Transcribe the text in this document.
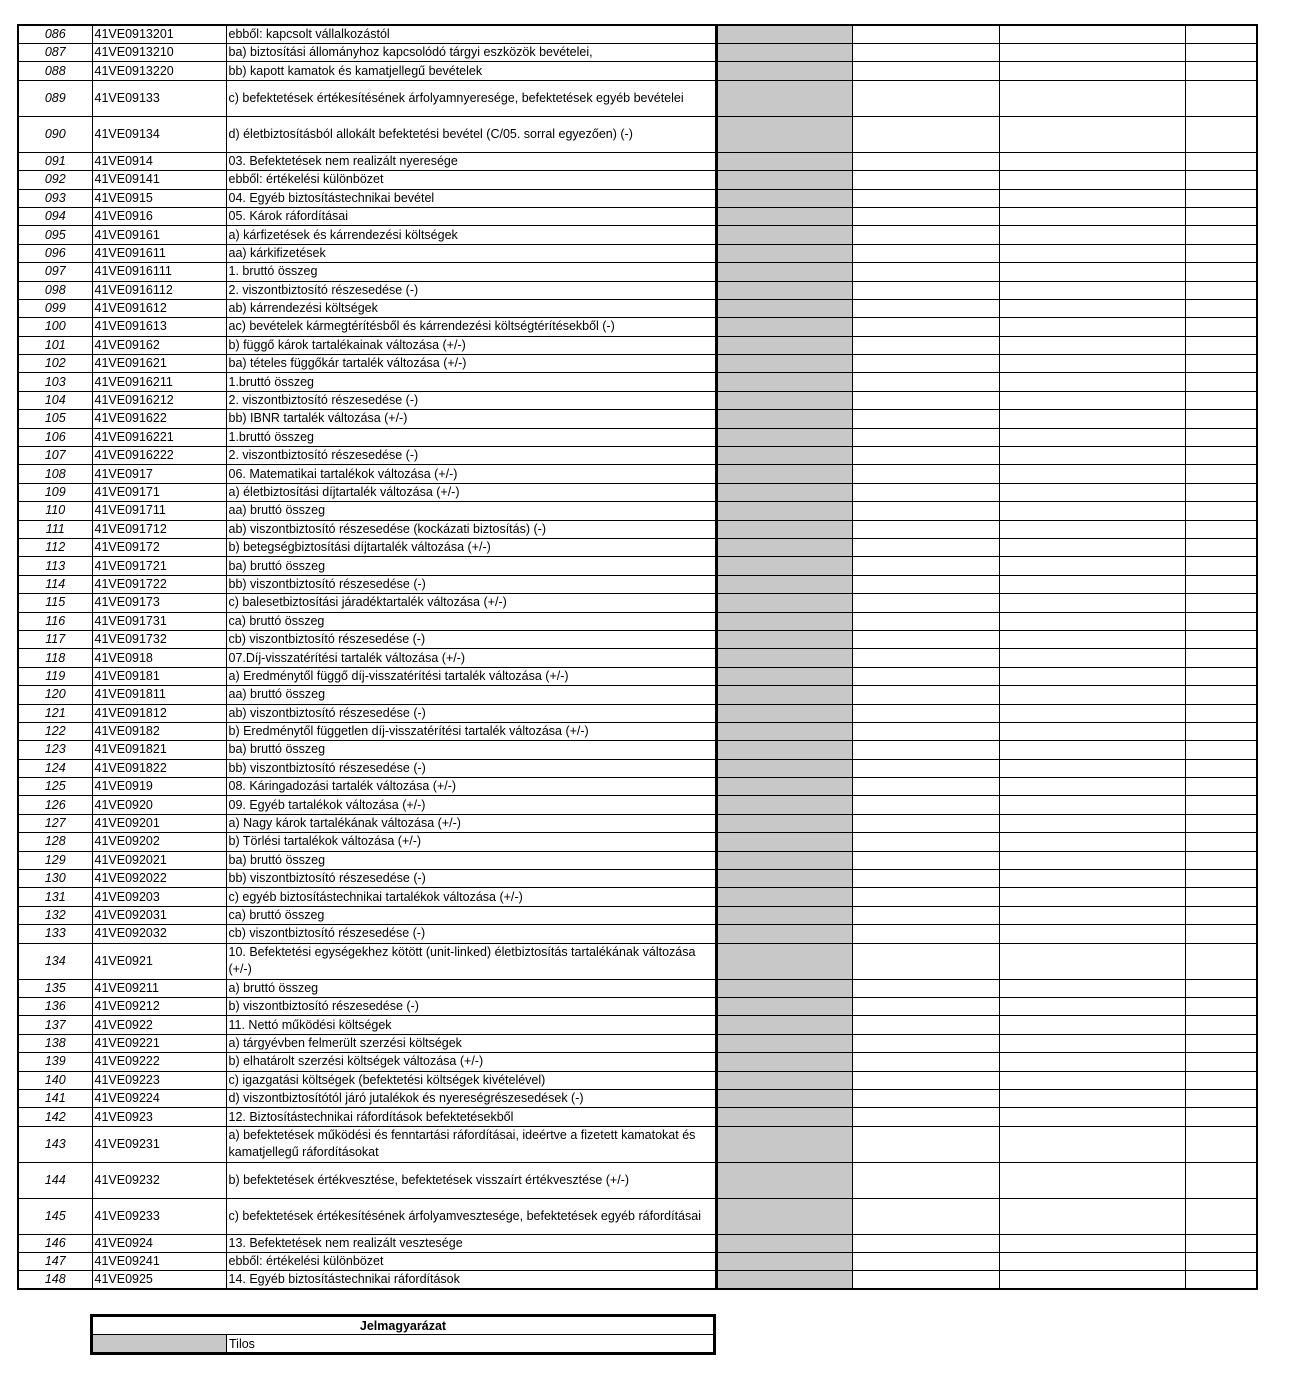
086	41VE0913201	ebből: kapcsolt vállalkozástól				
087	41VE0913210	ba) biztosítási állományhoz kapcsolódó tárgyi eszközök bevételei,				
088	41VE0913220	bb) kapott kamatok és kamatjellegű bevételek				
089	41VE09133	c) befektetések értékesítésének árfolyamnyeresége, befektetések egyéb bevételei				
090	41VE09134	d) életbiztosításból allokált befektetési bevétel (C/05. sorral egyezően) (-)				
091	41VE0914	03. Befektetések nem realizált nyeresége				
092	41VE09141	ebből: értékelési különbözet				
093	41VE0915	04. Egyéb biztosítástechnikai bevétel				
094	41VE0916	05. Károk ráfordításai				
095	41VE09161	a) kárfizetések és kárrendezési költségek				
096	41VE091611	aa) kárkifizetések				
097	41VE0916111	1. bruttó összeg				
098	41VE0916112	2. viszontbiztosító részesedése (-)				
099	41VE091612	ab) kárrendezési költségek				
100	41VE091613	ac) bevételek kármegtérítésből és kárrendezési költségtérítésekből (-)				
101	41VE09162	b) függő károk tartalékainak változása (+/-)				
102	41VE091621	ba) tételes függőkár tartalék változása (+/-)				
103	41VE0916211	1.bruttó összeg				
104	41VE0916212	2. viszontbiztosító részesedése (-)				
105	41VE091622	bb) IBNR tartalék változása (+/-)				
106	41VE0916221	1.bruttó összeg				
107	41VE0916222	2. viszontbiztosító részesedése (-)				
108	41VE0917	06. Matematikai tartalékok változása (+/-)				
109	41VE09171	a) életbiztosítási díjtartalék változása (+/-)				
110	41VE091711	aa) bruttó összeg				
111	41VE091712	ab) viszontbiztosító részesedése (kockázati biztosítás) (-)				
112	41VE09172	b) betegségbiztosítási díjtartalék változása (+/-)				
113	41VE091721	ba) bruttó összeg				
114	41VE091722	bb) viszontbiztosító részesedése (-)				
115	41VE09173	c) balesetbiztosítási járadéktartalék változása (+/-)				
116	41VE091731	ca) bruttó összeg				
117	41VE091732	cb) viszontbiztosító részesedése (-)				
118	41VE0918	07.Díj-visszatérítési tartalék változása (+/-)				
119	41VE09181	a) Eredménytől függő díj-visszatérítési tartalék változása (+/-)				
120	41VE091811	aa) bruttó összeg				
121	41VE091812	ab) viszontbiztosító részesedése (-)				
122	41VE09182	b) Eredménytől független díj-visszatérítési tartalék változása (+/-)				
123	41VE091821	ba) bruttó összeg				
124	41VE091822	bb) viszontbiztosító részesedése (-)				
125	41VE0919	08. Káringadozási tartalék változása (+/-)				
126	41VE0920	09. Egyéb tartalékok változása (+/-)				
127	41VE09201	a) Nagy károk tartalékának változása (+/-)				
128	41VE09202	b) Törlési tartalékok változása (+/-)				
129	41VE092021	ba) bruttó összeg				
130	41VE092022	bb) viszontbiztosító részesedése (-)				
131	41VE09203	c) egyéb biztosítástechnikai tartalékok változása (+/-)				
132	41VE092031	ca) bruttó összeg				
133	41VE092032	cb) viszontbiztosító részesedése (-)				
134	41VE0921	10. Befektetési egységekhez kötött (unit-linked) életbiztosítás tartalékának változása (+/-)				
135	41VE09211	a) bruttó összeg				
136	41VE09212	b) viszontbiztosító részesedése (-)				
137	41VE0922	11. Nettó működési költségek				
138	41VE09221	a) tárgyévben felmerült szerzési költségek				
139	41VE09222	b) elhatárolt szerzési költségek változása (+/-)				
140	41VE09223	c) igazgatási költségek (befektetési költségek kivételével)				
141	41VE09224	d) viszontbiztosítótól járó jutalékok és nyereségrészesedések (-)				
142	41VE0923	12. Biztosítástechnikai ráfordítások befektetésekből				
143	41VE09231	a) befektetések működési és fenntartási ráfordításai, ideértve a fizetett kamatokat és kamatjellegű ráfordításokat				
144	41VE09232	b) befektetések értékvesztése, befektetések visszaírt értékvesztése (+/-)				
145	41VE09233	c) befektetések értékesítésének árfolyamvesztesége, befektetések egyéb ráfordításai				
146	41VE0924	13. Befektetések nem realizált vesztesége				
147	41VE09241	ebből: értékelési különbözet				
148	41VE0925	14. Egyéb biztosítástechnikai ráfordítások				
Jelmagyarázat
	Tilos
